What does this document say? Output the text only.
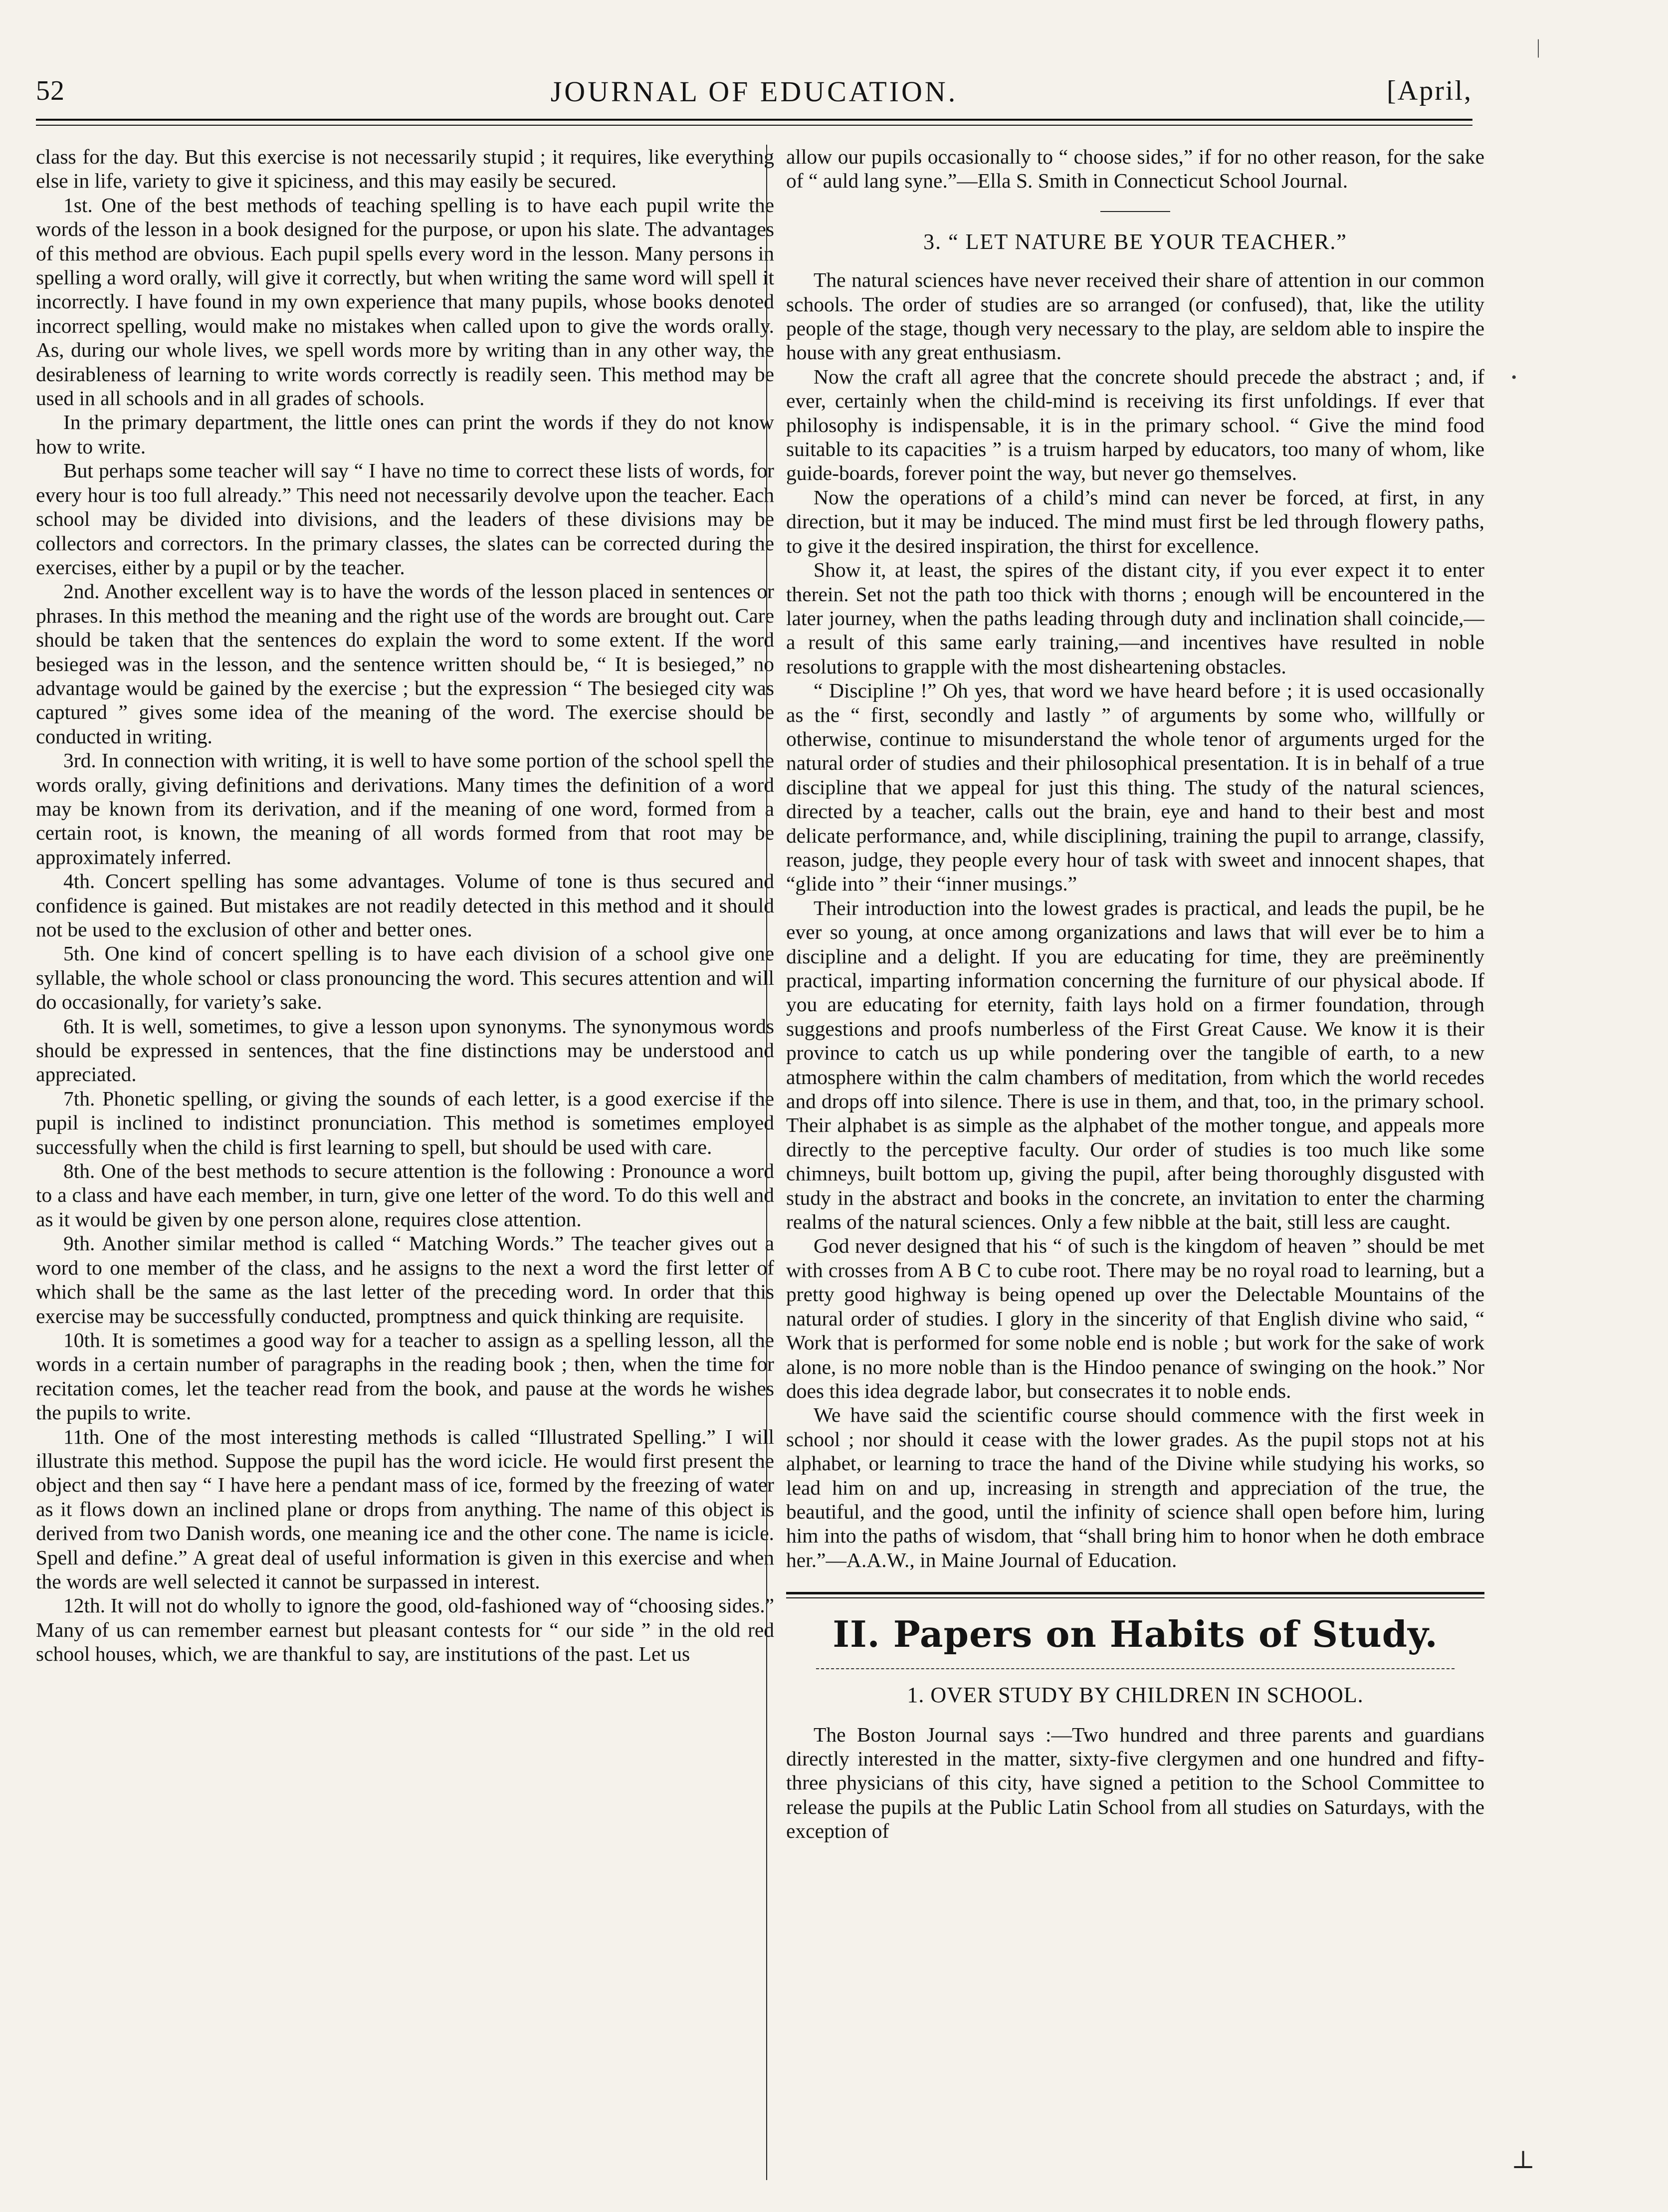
JOURNAL OF EDUCATION.
52	[April,

class for the day. But this exercise is not necessarily stupid ; it requires, like everything else in life, variety to give it spiciness, and this may easily be secured.

1st. One of the best methods of teaching spelling is to have each pupil write the words of the lesson in a book designed for the purpose, or upon his slate. The advantages of this method are obvious. Each pupil spells every word in the lesson. Many persons in spelling a word orally, will give it correctly, but when writing the same word will spell it incorrectly. I have found in my own experience that many pupils, whose books denoted incorrect spelling, would make no mistakes when called upon to give the words orally. As, during our whole lives, we spell words more by writing than in any other way, the desirableness of learning to write words correctly is readily seen. This method may be used in all schools and in all grades of schools.

In the primary department, the little ones can print the words if they do not know how to write.

But perhaps some teacher will say “ I have no time to correct these lists of words, for every hour is too full already.” This need not necessarily devolve upon the teacher. Each school may be divided into divisions, and the leaders of these divisions may be collectors and correctors. In the primary classes, the slates can be corrected during the exercises, either by a pupil or by the teacher.

2nd. Another excellent way is to have the words of the lesson placed in sentences or phrases. In this method the meaning and the right use of the words are brought out. Care should be taken that the sentences do explain the word to some extent. If the word besieged was in the lesson, and the sentence written should be, “ It is besieged,” no advantage would be gained by the exercise ; but the expression “ The besieged city was captured ” gives some idea of the meaning of the word. The exercise should be conducted in writing.

3rd. In connection with writing, it is well to have some portion of the school spell the words orally, giving definitions and derivations. Many times the definition of a word may be known from its derivation, and if the meaning of one word, formed from a certain root, is known, the meaning of all words formed from that root may be approximately inferred.

4th. Concert spelling has some advantages. Volume of tone is thus secured and confidence is gained. But mistakes are not readily detected in this method and it should not be used to the exclusion of other and better ones.

5th. One kind of concert spelling is to have each division of a school give one syllable, the whole school or class pronouncing the word. This secures attention and will do occasionally, for variety’s sake.

6th. It is well, sometimes, to give a lesson upon synonyms. The synonymous words should be expressed in sentences, that the fine distinctions may be understood and appreciated.

7th. Phonetic spelling, or giving the sounds of each letter, is a good exercise if the pupil is inclined to indistinct pronunciation. This method is sometimes employed successfully when the child is first learning to spell, but should be used with care.

8th. One of the best methods to secure attention is the following : Pronounce a word to a class and have each member, in turn, give one letter of the word. To do this well and as it would be given by one person alone, requires close attention.

9th. Another similar method is called “ Matching Words.” The teacher gives out a word to one member of the class, and he assigns to the next a word the first letter of which shall be the same as the last letter of the preceding word. In order that this exercise may be successfully conducted, promptness and quick thinking are requisite.

10th. It is sometimes a good way for a teacher to assign as a spelling lesson, all the words in a certain number of paragraphs in the reading book ; then, when the time for recitation comes, let the teacher read from the book, and pause at the words he wishes the pupils to write.

11th. One of the most interesting methods is called “Illustrated Spelling.” I will illustrate this method. Suppose the pupil has the word icicle. He would first present the object and then say “ I have here a pendant mass of ice, formed by the freezing of water as it flows down an inclined plane or drops from anything. The name of this object is derived from two Danish words, one meaning ice and the other cone. The name is icicle. Spell and define.” A great deal of useful information is given in this exercise and when the words are well selected it cannot be surpassed in interest.

12th. It will not do wholly to ignore the good, old-fashioned way of “choosing sides.” Many of us can remember earnest but pleasant contests for “ our side ” in the old red school houses, which, we are thankful to say, are institutions of the past. Let us

allow our pupils occasionally to “ choose sides,” if for no other reason, for the sake of “ auld lang syne.”—Ella S. Smith in Connecticut School Journal.

3. “ LET NATURE BE YOUR TEACHER.”

The natural sciences have never received their share of attention in our common schools. The order of studies are so arranged (or confused), that, like the utility people of the stage, though very necessary to the play, are seldom able to inspire the house with any great enthusiasm.

Now the craft all agree that the concrete should precede the abstract ; and, if ever, certainly when the child-mind is receiving its first unfoldings. If ever that philosophy is indispensable, it is in the primary school. “ Give the mind food suitable to its capacities ” is a truism harped by educators, too many of whom, like guide-boards, forever point the way, but never go themselves.

Now the operations of a child’s mind can never be forced, at first, in any direction, but it may be induced. The mind must first be led through flowery paths, to give it the desired inspiration, the thirst for excellence.

Show it, at least, the spires of the distant city, if you ever expect it to enter therein. Set not the path too thick with thorns ; enough will be encountered in the later journey, when the paths leading through duty and inclination shall coincide,—a result of this same early training,—and incentives have resulted in noble resolutions to grapple with the most disheartening obstacles.

“ Discipline !” Oh yes, that word we have heard before ; it is used occasionally as the “ first, secondly and lastly ” of arguments by some who, willfully or otherwise, continue to misunderstand the whole tenor of arguments urged for the natural order of studies and their philosophical presentation. It is in behalf of a true discipline that we appeal for just this thing. The study of the natural sciences, directed by a teacher, calls out the brain, eye and hand to their best and most delicate performance, and, while disciplining, training the pupil to arrange, classify, reason, judge, they people every hour of task with sweet and innocent shapes, that “glide into ” their “inner musings.”

Their introduction into the lowest grades is practical, and leads the pupil, be he ever so young, at once among organizations and laws that will ever be to him a discipline and a delight. If you are educating for time, they are preëminently practical, imparting information concerning the furniture of our physical abode. If you are educating for eternity, faith lays hold on a firmer foundation, through suggestions and proofs numberless of the First Great Cause. We know it is their province to catch us up while pondering over the tangible of earth, to a new atmosphere within the calm chambers of meditation, from which the world recedes and drops off into silence. There is use in them, and that, too, in the primary school. Their alphabet is as simple as the alphabet of the mother tongue, and appeals more directly to the perceptive faculty. Our order of studies is too much like some chimneys, built bottom up, giving the pupil, after being thoroughly disgusted with study in the abstract and books in the concrete, an invitation to enter the charming realms of the natural sciences. Only a few nibble at the bait, still less are caught.

God never designed that his “ of such is the kingdom of heaven ” should be met with crosses from A B C to cube root. There may be no royal road to learning, but a pretty good highway is being opened up over the Delectable Mountains of the natural order of studies. I glory in the sincerity of that English divine who said, “ Work that is performed for some noble end is noble ; but work for the sake of work alone, is no more noble than is the Hindoo penance of swinging on the hook.” Nor does this idea degrade labor, but consecrates it to noble ends.

We have said the scientific course should commence with the first week in school ; nor should it cease with the lower grades. As the pupil stops not at his alphabet, or learning to trace the hand of the Divine while studying his works, so lead him on and up, increasing in strength and appreciation of the true, the beautiful, and the good, until the infinity of science shall open before him, luring him into the paths of wisdom, that “shall bring him to honor when he doth embrace her.”—A.A.W., in Maine Journal of Education.

II. Papers on Habits of Study.
1. OVER STUDY BY CHILDREN IN SCHOOL.

The Boston Journal says :—Two hundred and three parents and guardians directly interested in the matter, sixty-five clergymen and one hundred and fifty-three physicians of this city, have signed a petition to the School Committee to release the pupils at the Public Latin School from all studies on Saturdays, with the exception of

|
•
⊥
